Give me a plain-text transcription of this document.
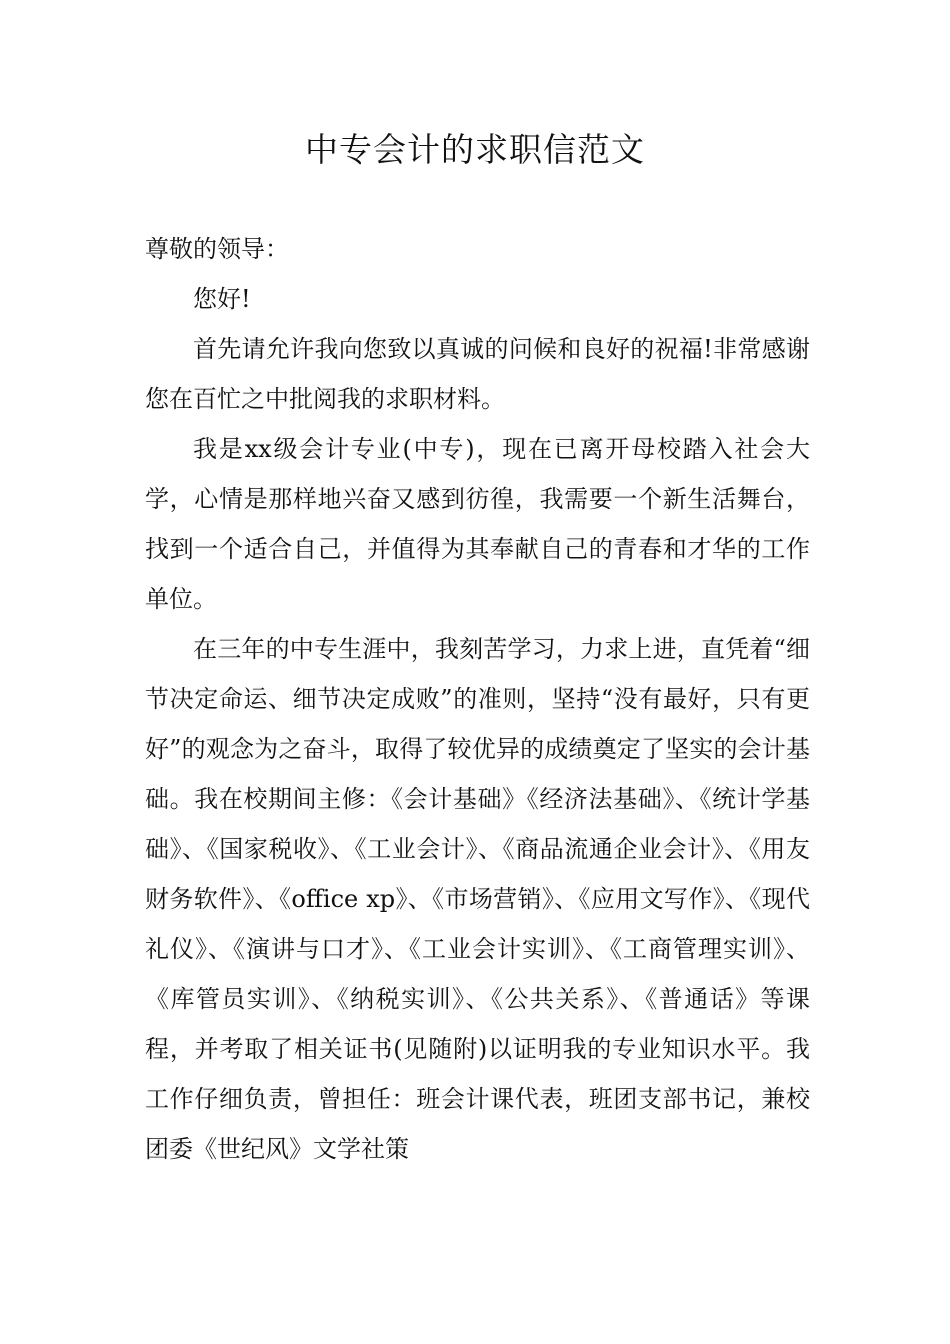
中专会计的求职信范文

尊敬的领导：

您好!

首先请允许我向您致以真诚的问候和良好的祝福!非常感谢您在百忙之中批阅我的求职材料。

我是xx级会计专业(中专)，现在已离开母校踏入社会大学，心情是那样地兴奋又感到彷徨，我需要一个新生活舞台，找到一个适合自己，并值得为其奉献自己的青春和才华的工作单位。

在三年的中专生涯中，我刻苦学习，力求上进，直凭着“细节决定命运、细节决定成败”的准则，坚持“没有最好，只有更好”的观念为之奋斗，取得了较优异的成绩奠定了坚实的会计基础。我在校期间主修：《会计基础》《经济法基础》、《统计学基础》、《国家税收》、《工业会计》、《商品流通企业会计》、《用友财务软件》、《office xp》、《市场营销》、《应用文写作》、《现代礼仪》、《演讲与口才》、《工业会计实训》、《工商管理实训》、《库管员实训》、《纳税实训》、《公共关系》、《普通话》等课程，并考取了相关证书(见随附)以证明我的专业知识水平。我工作仔细负责，曾担任：班会计课代表，班团支部书记，兼校团委《世纪风》文学社策
